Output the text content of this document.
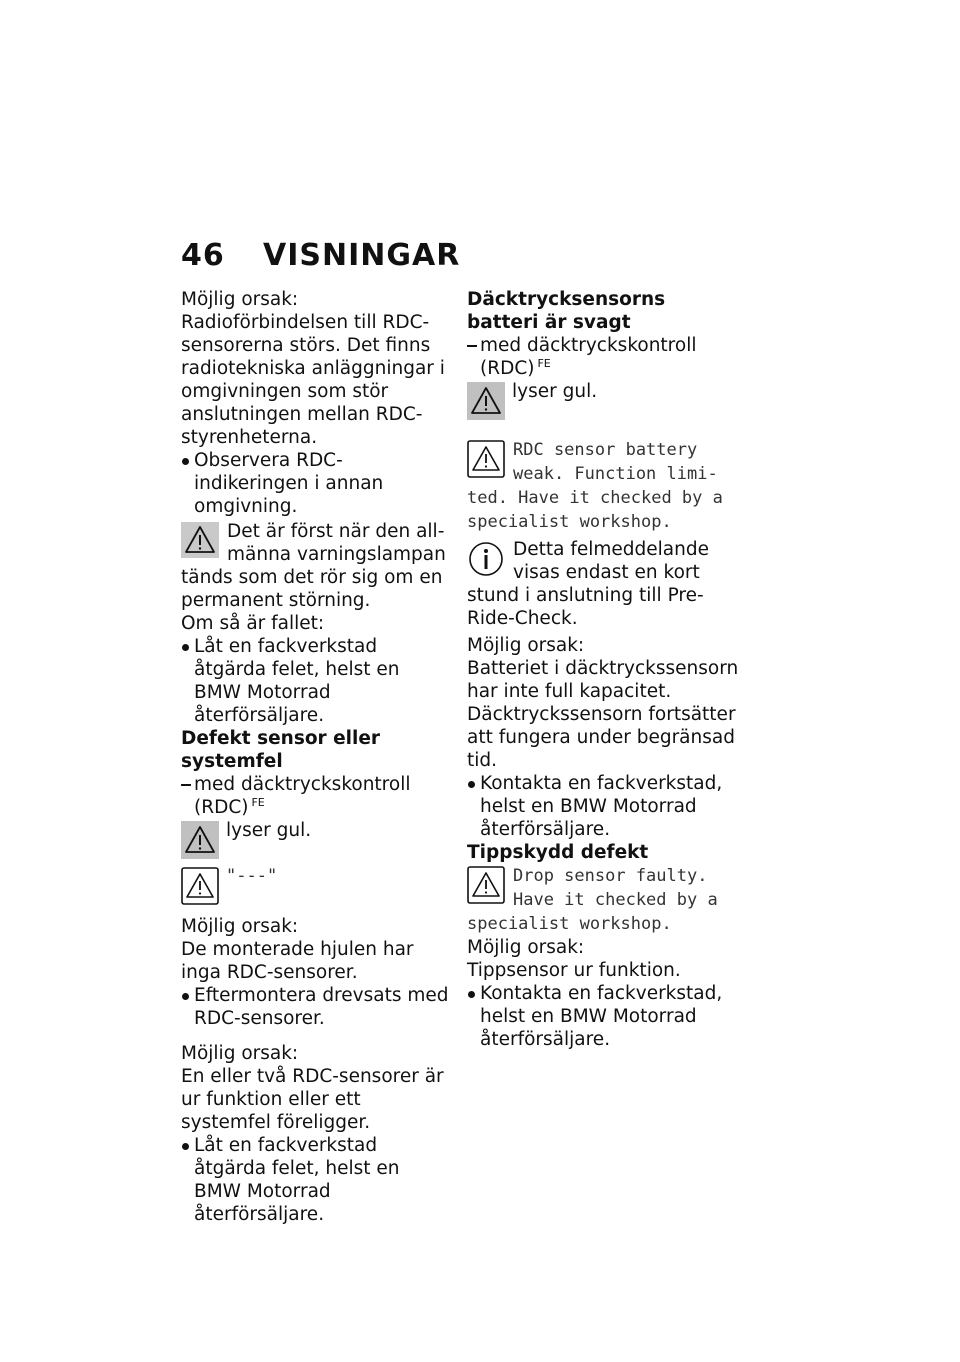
46	VISNINGAR

Möjlig orsak:

Radioförbindelsen till RDC-sensorerna störs. Det finns radiotekniska anläggningar i omgivningen som stör anslutningen mellan RDC-styrenheterna.

Observera RDC-indikeringen i annan omgivning.

Det är först när den allmänna varningslampan tänds som det rör sig om en permanent störning.

Om så är fallet:

Låt en fackverkstad åtgärda felet, helst en BMW Motorrad återförsäljare.

Defekt sensor eller systemfel

med däcktryckskontroll (RDC) $^{FE}$

lyser gul.
"---"

Möjlig orsak:

De monterade hjulen har inga RDC-sensorer.

Eftermontera drevsats med RDC-sensorer.

Möjlig orsak:

En eller två RDC-sensorer är ur funktion eller ett systemfel föreligger.

Låt en fackverkstad åtgärda felet, helst en BMW Motorrad återförsäljare.

Däcktrycksensorns batteri är svagt

med däcktryckskontroll (RDC) $^{FE}$

lyser gul.
RDC sensor battery weak. Function limited. Have it checked by a specialist workshop.
Detta felmeddelande visas endast en kort stund i anslutning till Pre-Ride-Check.

Möjlig orsak:

Batteriet i däcktryckssensorn har inte full kapacitet. Däcktryckssensorn fortsätter att fungera under begränsad tid.

Kontakta en fackverkstad, helst en BMW Motorrad återförsäljare.

Tippskydd defekt

Drop sensor faulty. Have it checked by a specialist workshop.

Möjlig orsak:

Tippsensor ur funktion.

Kontakta en fackverkstad, helst en BMW Motorrad återförsäljare.
